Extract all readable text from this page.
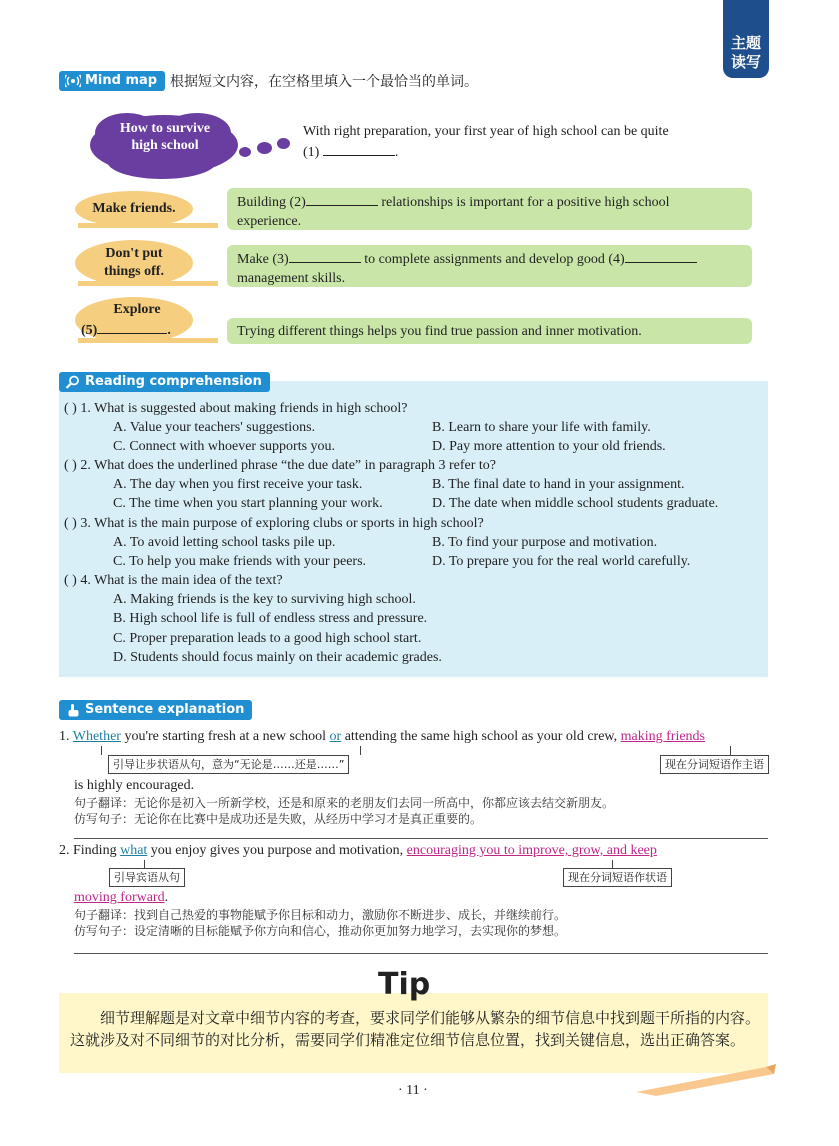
主题
读写
Mind map 根据短文内容，在空格里填入一个最恰当的单词。
How to survive
high school
With right preparation, your first year of high school can be quite
(1)	.
Make friends.	Building (2)	relationships is important for a positive high school
experience.
Don't put
things off.
Make (3)	to complete assignments and develop good (4)
management skills.
Explore
(5)	.	Trying different things helps you find true passion and inner motivation.
Reading comprehension
( ) 1. What is suggested about making friends in high school?
A. Value your teachers' suggestions.	B. Learn to share your life with family.
C. Connect with whoever supports you.	D. Pay more attention to your old friends.
( ) 2. What does the underlined phrase “the due date” in paragraph 3 refer to?
A. The day when you first receive your task.	B. The final date to hand in your assignment.
C. The time when you start planning your work.	D. The date when middle school students graduate.
( ) 3. What is the main purpose of exploring clubs or sports in high school?
A. To avoid letting school tasks pile up.	B. To find your purpose and motivation.
C. To help you make friends with your peers.	D. To prepare you for the real world carefully.
( ) 4. What is the main idea of the text?
A. Making friends is the key to surviving high school.
B. High school life is full of endless stress and pressure.
C. Proper preparation leads to a good high school start.
D. Students should focus mainly on their academic grades.
Sentence explanation
1. Whether you're starting fresh at a new school or attending the same high school as your old crew, making friends
引导让步状语从句，意为“无论是……还是……”	现在分词短语作主语
is highly encouraged.
句子翻译：无论你是初入一所新学校，还是和原来的老朋友们去同一所高中，你都应该去结交新朋友。
仿写句子：无论你在比赛中是成功还是失败，从经历中学习才是真正重要的。
2. Finding what you enjoy gives you purpose and motivation, encouraging you to improve, grow, and keep
引导宾语从句	现在分词短语作状语
moving forward.
句子翻译：找到自己热爱的事物能赋予你目标和动力，激励你不断进步、成长，并继续前行。
仿写句子：设定清晰的目标能赋予你方向和信心，推动你更加努力地学习，去实现你的梦想。
Tip
细节理解题是对文章中细节内容的考查，要求同学们能够从繁杂的细节信息中找到题干所指的内容。这就涉及对不同细节的对比分析，需要同学们精准定位细节信息位置，找到关键信息，选出正确答案。
· 11 ·
